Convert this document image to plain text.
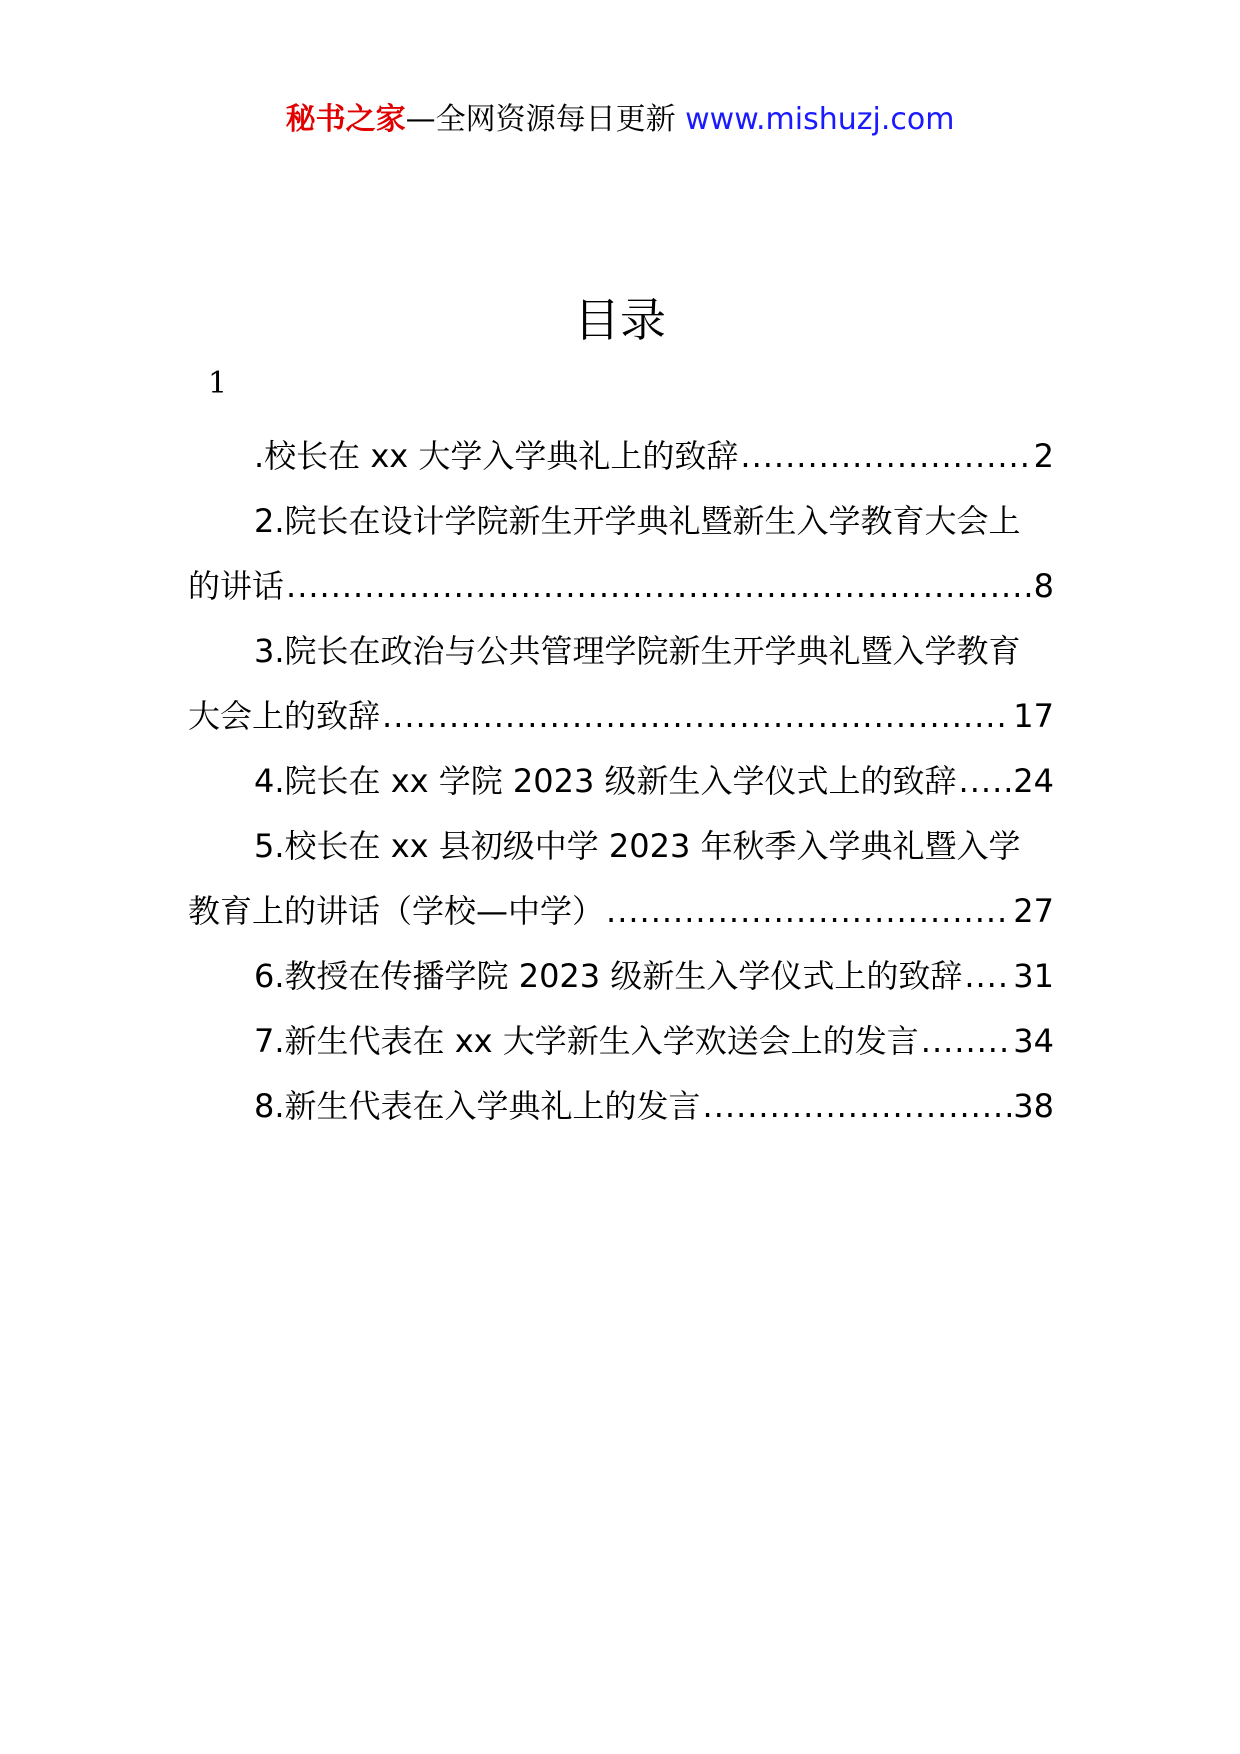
秘书之家—全网资源每日更新 www.mishuzj.com
目录
1
.校长在 xx 大学入学典礼上的致辞 .....	2
2.院长在设计学院新生开学典礼暨新生入学教育大会上
的讲话 .....	8
3.院长在政治与公共管理学院新生开学典礼暨入学教育
大会上的致辞 .....	17
4.院长在 xx 学院 2023 级新生入学仪式上的致辞 ..... 24
5.校长在 xx 县初级中学 2023 年秋季入学典礼暨入学
教育上的讲话（学校—中学） .....	27
6.教授在传播学院 2023 级新生入学仪式上的致辞 ..... 31
7.新生代表在 xx 大学新生入学欢送会上的发言 .....	34
8.新生代表在入学典礼上的发言 .....	38
